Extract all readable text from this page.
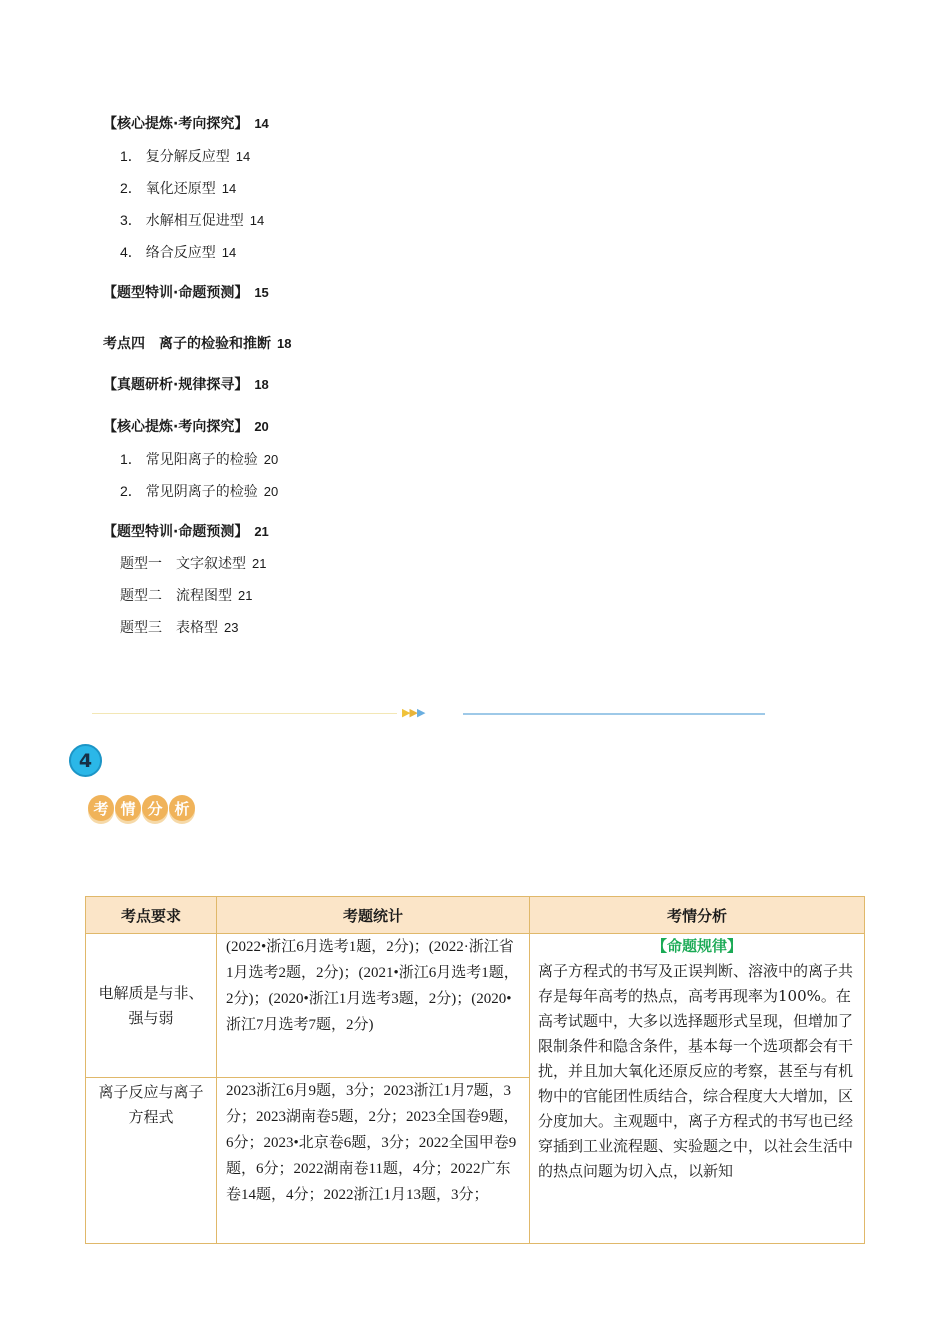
【核心提炼·考向探究】 14
1． 复分解反应型 14
2． 氧化还原型 14
3． 水解相互促进型 14
4． 络合反应型 14
【题型特训·命题预测】 15
考点四　离子的检验和推断 18
【真题研析·规律探寻】 18
【核心提炼·考向探究】 20
1． 常见阳离子的检验 20
2． 常见阴离子的检验 20
【题型特训·命题预测】 21
题型一　文字叙述型 21
题型二　流程图型 21
题型三　表格型 23
▶▶▶
4
考 情 分 析
考点要求	考题统计	考情分析
电解质是与非、强与弱	(2022•浙江6月选考1题，2分)；(2022·浙江省1月选考2题，2分)；(2021•浙江6月选考1题，2分)；(2020•浙江1月选考3题，2分)；(2020•浙江7月选考7题，2分)	【命题规律】
离子方程式的书写及正误判断、溶液中的离子共存是每年高考的热点，高考再现率为100%。在高考试题中，大多以选择题形式呈现，但增加了限制条件和隐含条件，基本每一个选项都会有干扰，并且加大氧化还原反应的考察，甚至与有机物中的官能团性质结合，综合程度大大增加，区分度加大。主观题中，离子方程式的书写也已经穿插到工业流程题、实验题之中，以社会生活中的热点问题为切入点，以新知

离子反应与离子方程式	2023浙江6月9题，3分；2023浙江1月7题，3分；2023湖南卷5题，2分；2023全国卷9题，6分；2023•北京卷6题，3分；2022全国甲卷9题，6分；2022湖南卷11题，4分；2022广东卷14题，4分；2022浙江1月13题，3分；	
